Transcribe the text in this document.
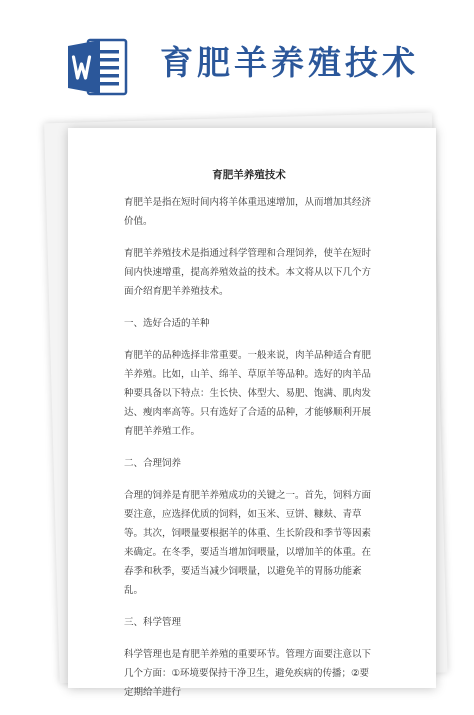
育肥羊养殖技术
育肥羊养殖技术

育肥羊是指在短时间内将羊体重迅速增加，从而增加其经济价值。

育肥羊养殖技术是指通过科学管理和合理饲养，使羊在短时间内快速增重，提高养殖效益的技术。本文将从以下几个方面介绍育肥羊养殖技术。

一、选好合适的羊种

育肥羊的品种选择非常重要。一般来说，肉羊品种适合育肥羊养殖。比如，山羊、绵羊、草原羊等品种。选好的肉羊品种要具备以下特点：生长快、体型大、易肥、饱满、肌肉发达、瘦肉率高等。只有选好了合适的品种，才能够顺利开展育肥羊养殖工作。

二、合理饲养

合理的饲养是育肥羊养殖成功的关键之一。首先，饲料方面要注意，应选择优质的饲料，如玉米、豆饼、糠麸、青草等。其次，饲喂量要根据羊的体重、生长阶段和季节等因素来确定。在冬季，要适当增加饲喂量，以增加羊的体重。在春季和秋季，要适当减少饲喂量，以避免羊的胃肠功能紊乱。

三、科学管理

科学管理也是育肥羊养殖的重要环节。管理方面要注意以下几个方面：①环境要保持干净卫生，避免疾病的传播；②要定期给羊进行
